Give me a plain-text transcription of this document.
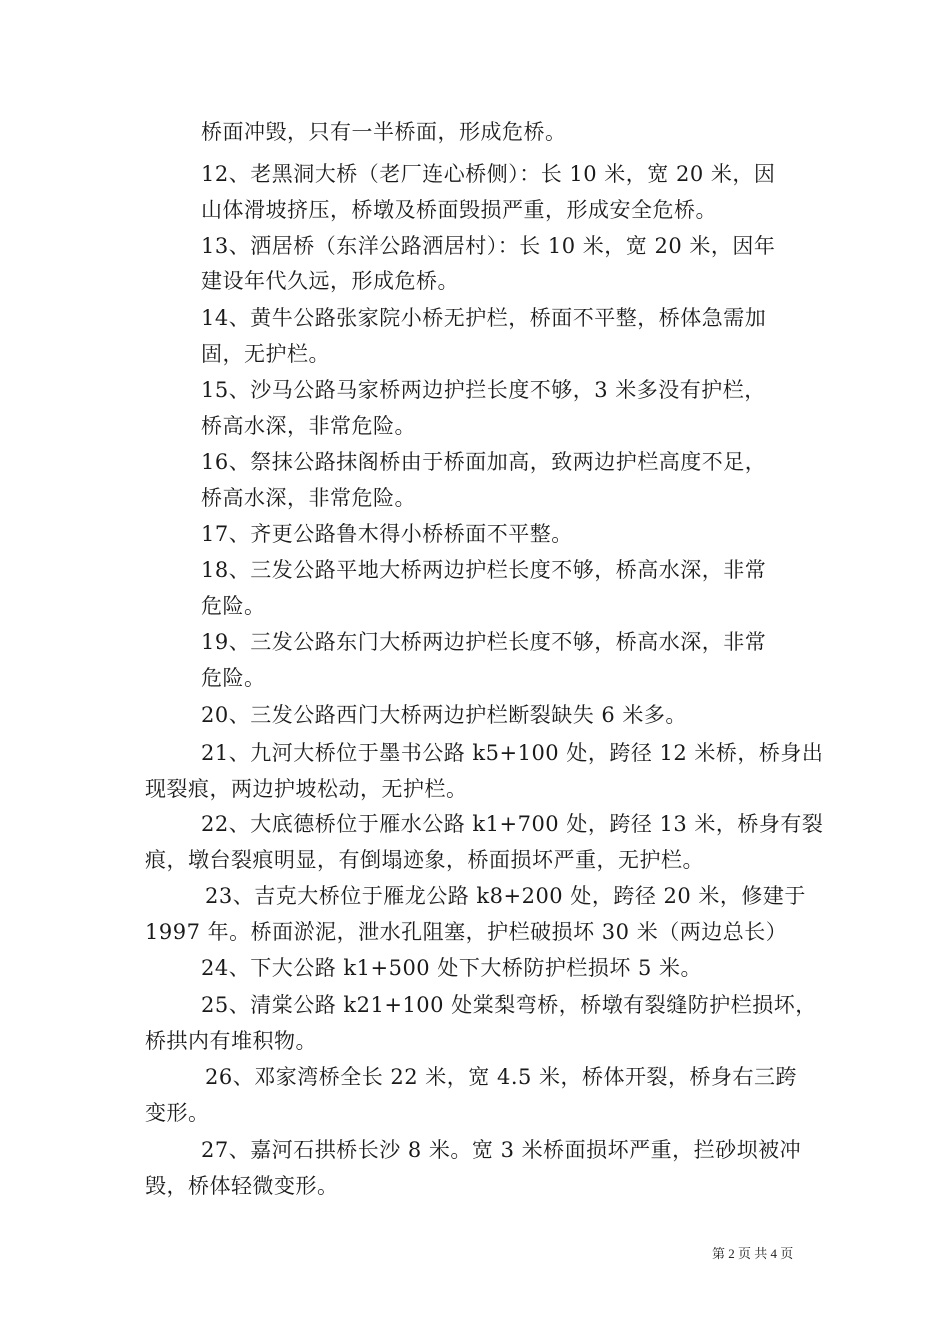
桥面冲毁，只有一半桥面，形成危桥。
12、老黑洞大桥（老厂连心桥侧）：长 10 米，宽 20 米，因
山体滑坡挤压，桥墩及桥面毁损严重，形成安全危桥。
13、洒居桥（东洋公路洒居村）：长 10 米，宽 20 米，因年
建设年代久远，形成危桥。
14、黄牛公路张家院小桥无护栏，桥面不平整，桥体急需加
固，无护栏。
15、沙马公路马家桥两边护拦长度不够，3 米多没有护栏，
桥高水深，非常危险。
16、祭抹公路抹阁桥由于桥面加高，致两边护栏高度不足，
桥高水深，非常危险。
17、齐更公路鲁木得小桥桥面不平整。
18、三发公路平地大桥两边护栏长度不够，桥高水深，非常
危险。
19、三发公路东门大桥两边护栏长度不够，桥高水深，非常
危险。
20、三发公路西门大桥两边护栏断裂缺失 6 米多。
21、九河大桥位于墨书公路 k5+100 处，跨径 12 米桥，桥身出
现裂痕，两边护坡松动，无护栏。
22、大底德桥位于雁水公路 k1+700 处，跨径 13 米，桥身有裂
痕，墩台裂痕明显，有倒塌迹象，桥面损坏严重，无护栏。
23、吉克大桥位于雁龙公路 k8+200 处，跨径 20 米，修建于
1997 年。桥面淤泥，泄水孔阻塞，护栏破损坏 30 米（两边总长）
24、下大公路 k1+500 处下大桥防护栏损坏 5 米。
25、清棠公路 k21+100 处棠梨弯桥，桥墩有裂缝防护栏损坏，
桥拱内有堆积物。
26、邓家湾桥全长 22 米，宽 4.5 米，桥体开裂，桥身右三跨
变形。
27、嘉河石拱桥长沙 8 米。宽 3 米桥面损坏严重，拦砂坝被冲
毁，桥体轻微变形。
第 2 页 共 4 页
